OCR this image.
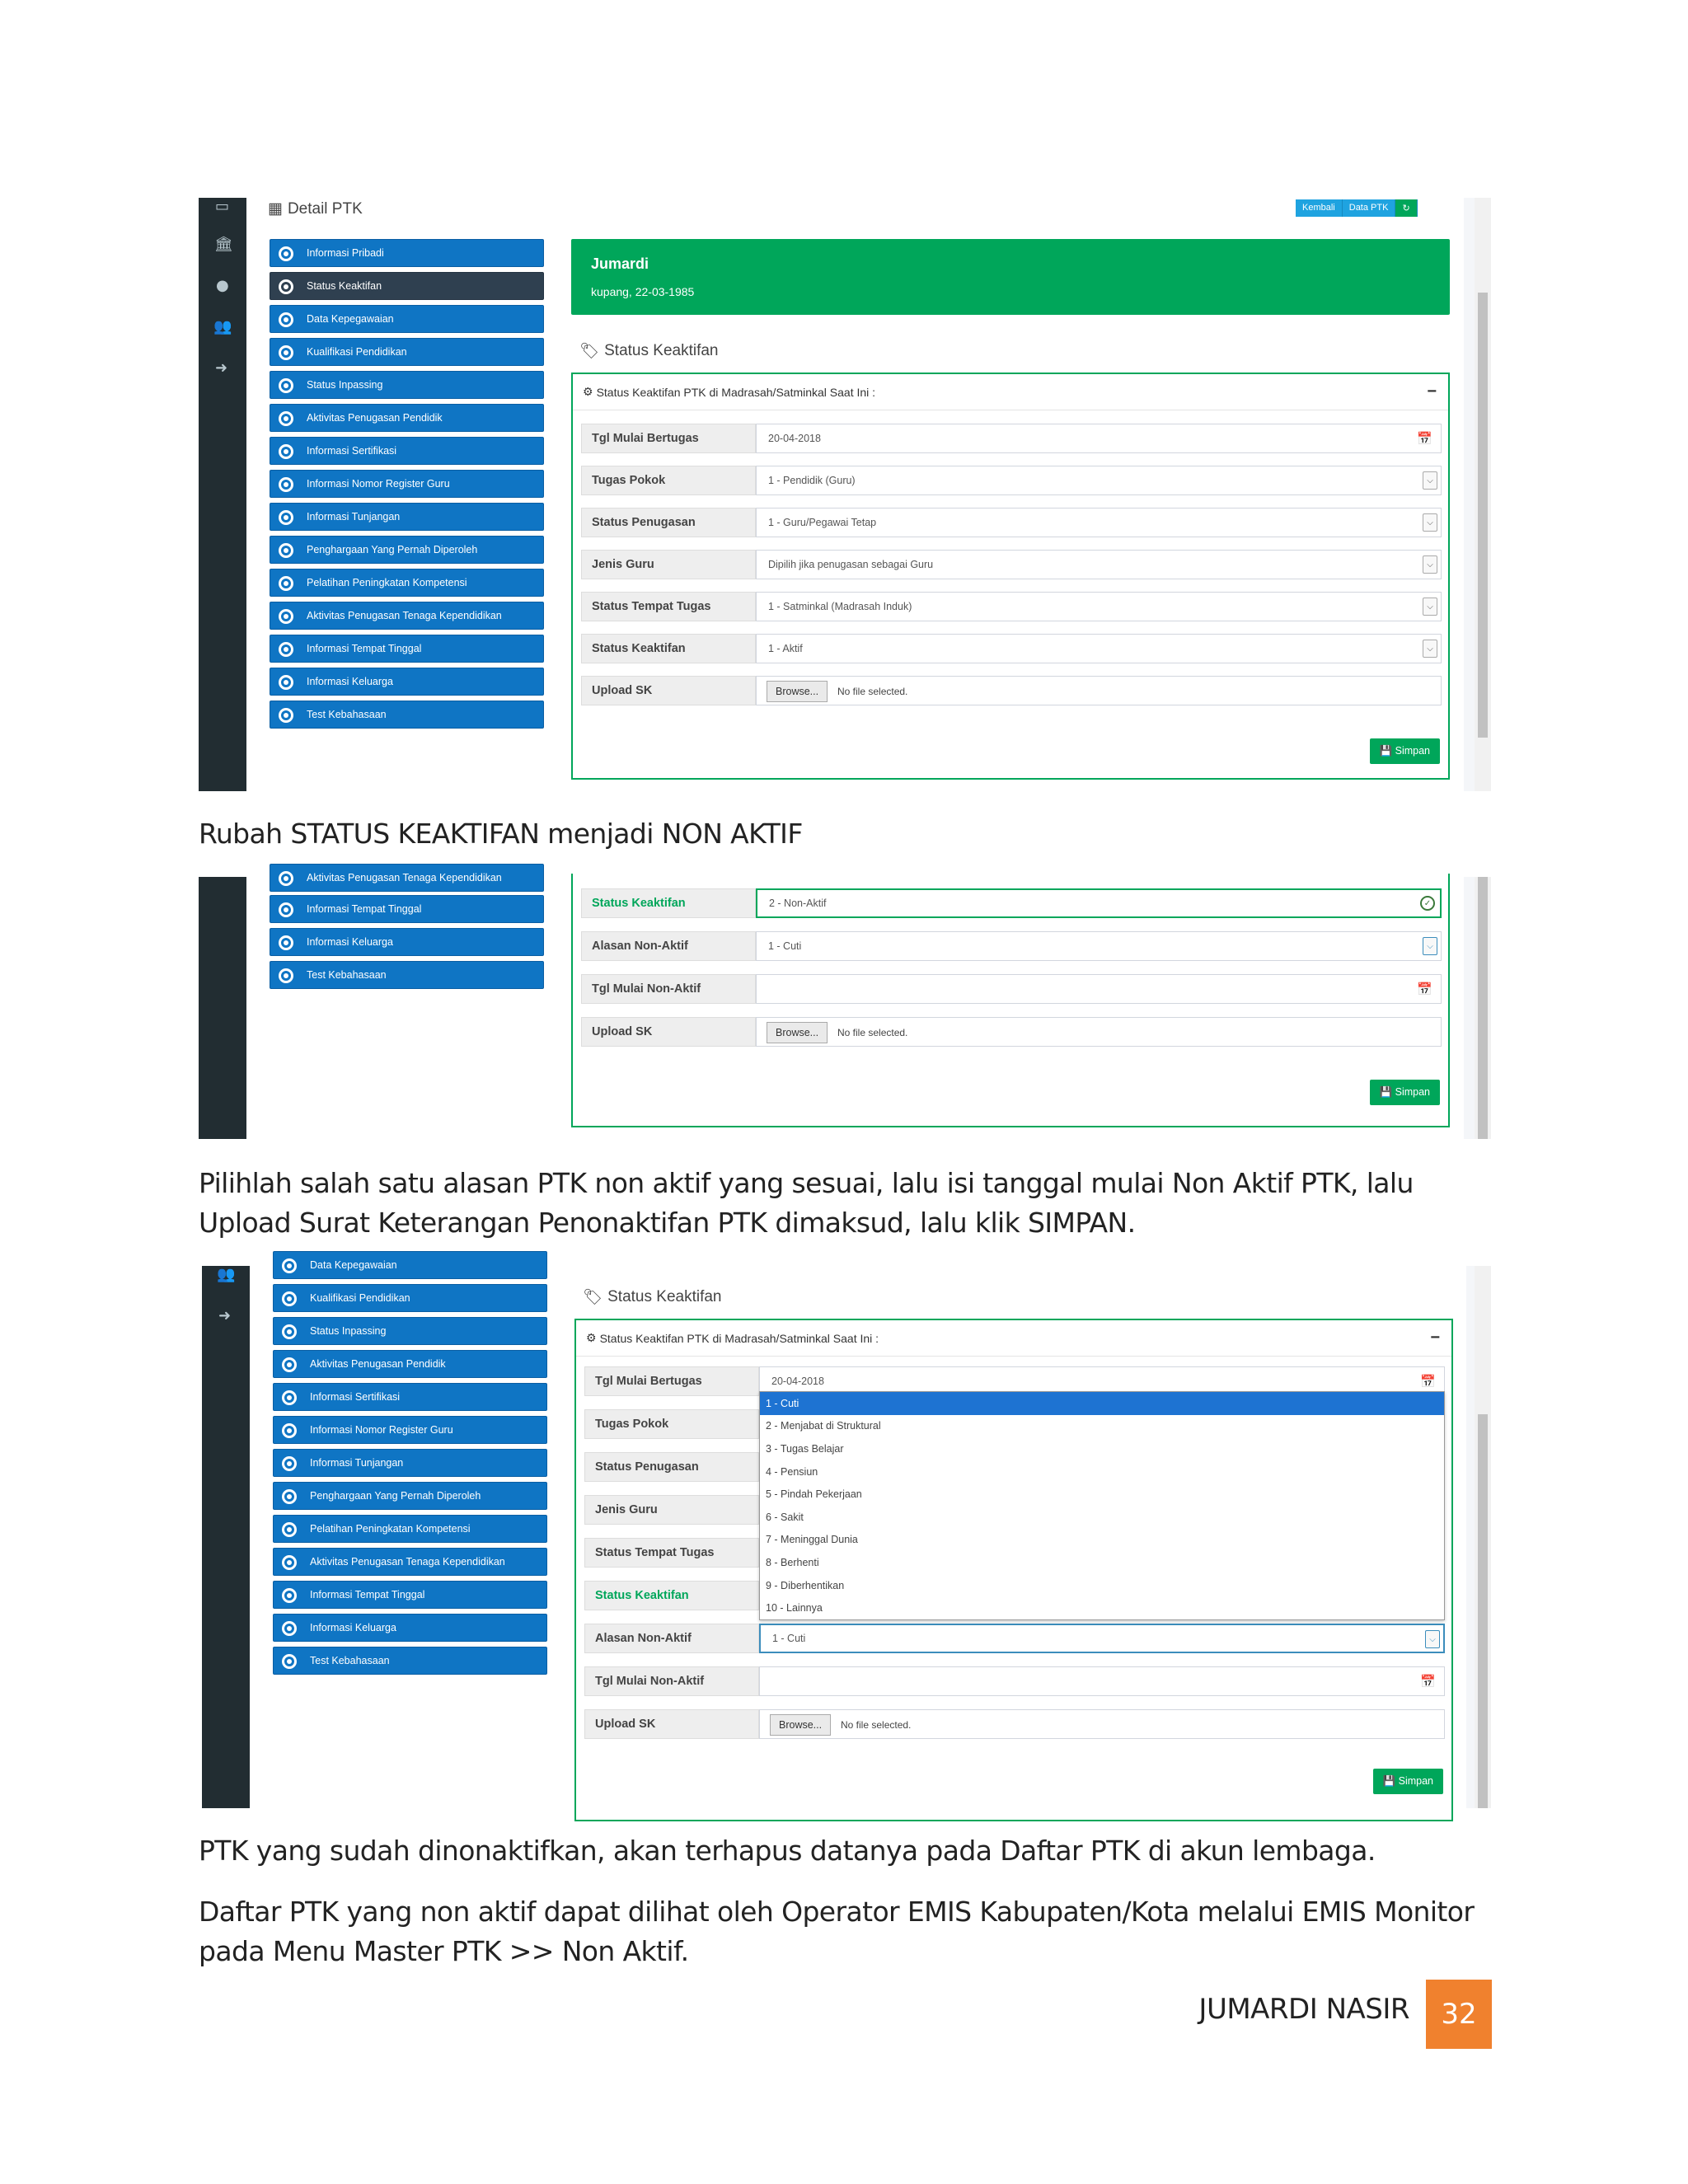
▭
🏛
●
👥
➜
▦ Detail PTK	Kembali	Data PTK	↻
Informasi Pribadi
Status Keaktifan
Data Kepegawaian
Kualifikasi Pendidikan
Status Inpassing
Aktivitas Penugasan Pendidik
Informasi Sertifikasi
Informasi Nomor Register Guru
Informasi Tunjangan
Penghargaan Yang Pernah Diperoleh
Pelatihan Peningkatan Kompetensi
Aktivitas Penugasan Tenaga Kependidikan
Informasi Tempat Tinggal
Informasi Keluarga
Test Kebahasaan
Jumardi
kupang, 22-03-1985
🏷 Status Keaktifan
⚙ Status Keaktifan PTK di Madrasah/Satminkal Saat Ini :	−
Tgl Mulai Bertugas	20-04-2018	📅
Tugas Pokok	1 - Pendidik (Guru)	⌵
Status Penugasan	1 - Guru/Pegawai Tetap	⌵
Jenis Guru	Dipilih jika penugasan sebagai Guru	⌵
Status Tempat Tugas	1 - Satminkal (Madrasah Induk)	⌵
Status Keaktifan	1 - Aktif	⌵
Upload SK	Browse...	No file selected.
💾 Simpan

Rubah STATUS KEAKTIFAN menjadi NON AKTIF

Aktivitas Penugasan Tenaga Kependidikan
Informasi Tempat Tinggal
Informasi Keluarga
Test Kebahasaan
Status Keaktifan	2 - Non-Aktif	✓
Alasan Non-Aktif	1 - Cuti	⌵
Tgl Mulai Non-Aktif	📅
Upload SK	Browse...	No file selected.
💾 Simpan

Pilihlah salah satu alasan PTK non aktif yang sesuai, lalu isi tanggal mulai Non Aktif PTK, lalu Upload Surat Keterangan Penonaktifan PTK dimaksud, lalu klik SIMPAN.

👥
➜
Data Kepegawaian
Kualifikasi Pendidikan
Status Inpassing
Aktivitas Penugasan Pendidik
Informasi Sertifikasi
Informasi Nomor Register Guru
Informasi Tunjangan
Penghargaan Yang Pernah Diperoleh
Pelatihan Peningkatan Kompetensi
Aktivitas Penugasan Tenaga Kependidikan
Informasi Tempat Tinggal
Informasi Keluarga
Test Kebahasaan
🏷 Status Keaktifan
⚙ Status Keaktifan PTK di Madrasah/Satminkal Saat Ini :	−
Tgl Mulai Bertugas	20-04-2018	📅
Tugas Pokok
Status Penugasan
Jenis Guru
Status Tempat Tugas
Status Keaktifan
Alasan Non-Aktif	1 - Cuti	⌵
Tgl Mulai Non-Aktif	📅
Upload SK	Browse...	No file selected.
💾 Simpan
1 - Cuti
2 - Menjabat di Struktural
3 - Tugas Belajar
4 - Pensiun
5 - Pindah Pekerjaan
6 - Sakit
7 - Meninggal Dunia
8 - Berhenti
9 - Diberhentikan
10 - Lainnya

PTK yang sudah dinonaktifkan, akan terhapus datanya pada Daftar PTK di akun lembaga.

Daftar PTK yang non aktif dapat dilihat oleh Operator EMIS Kabupaten/Kota melalui EMIS Monitor pada Menu Master PTK >> Non Aktif.

JUMARDI NASIR	32
